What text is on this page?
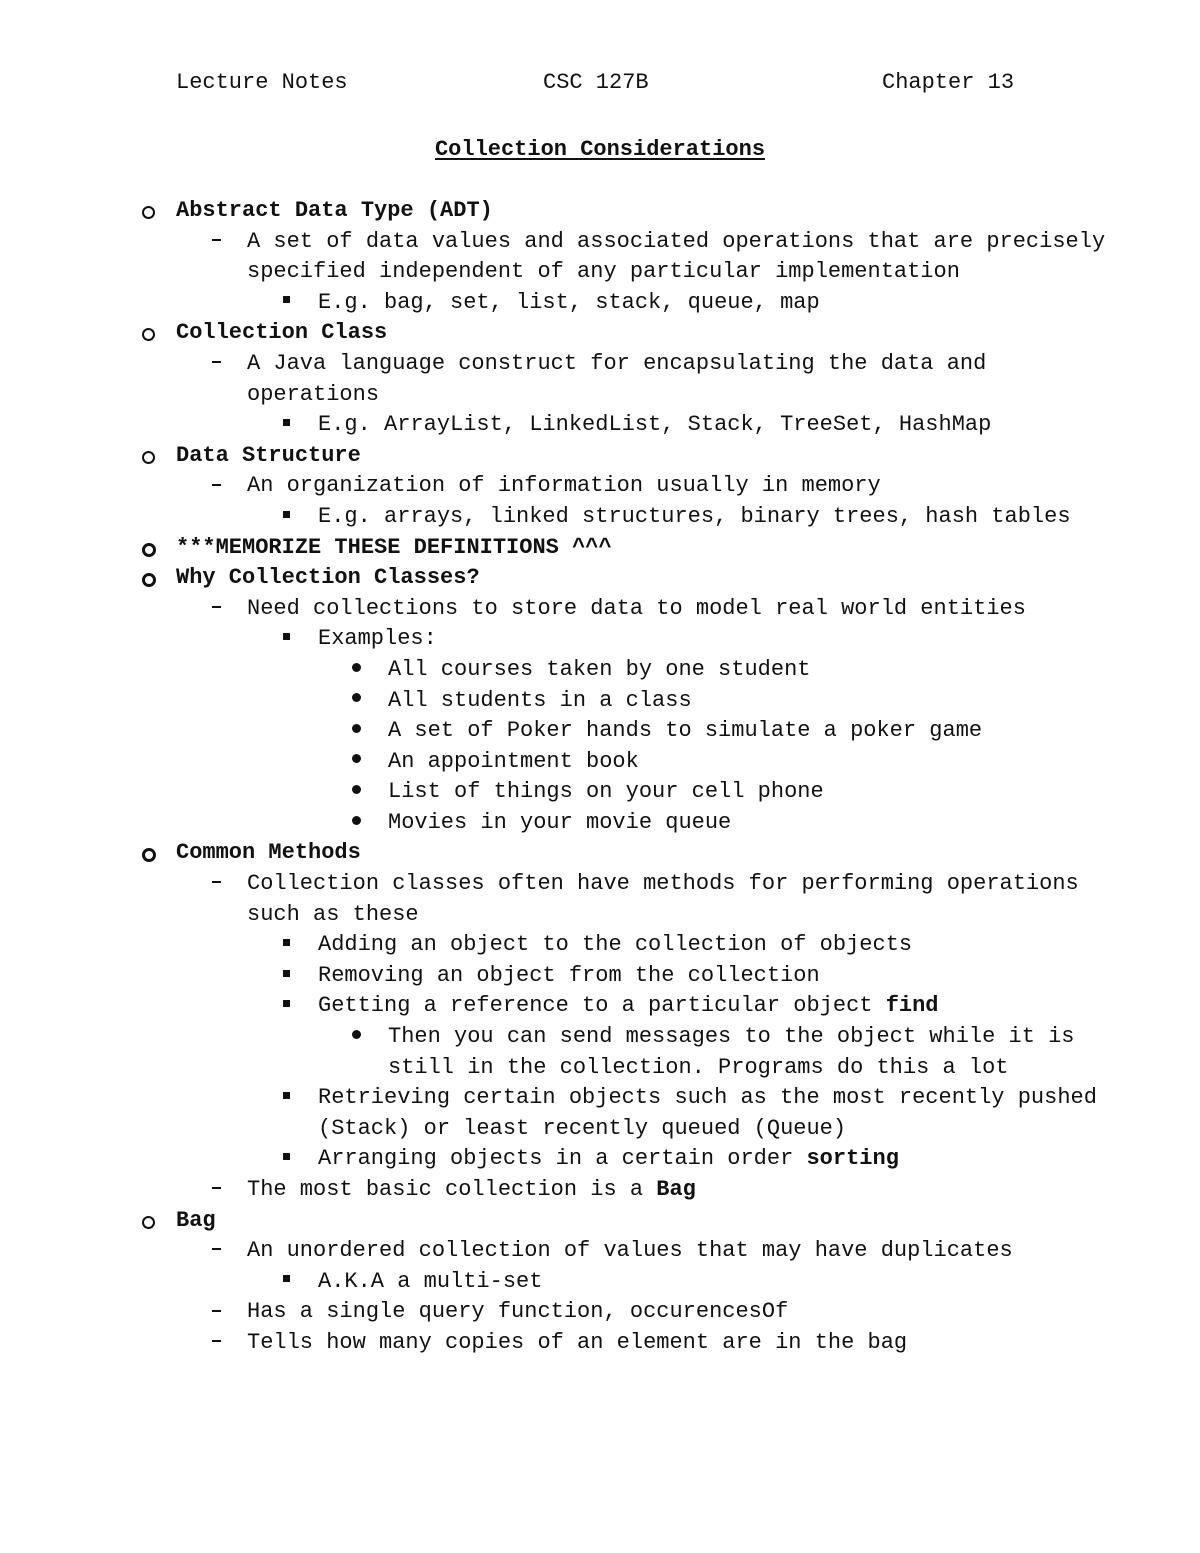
Lecture Notes	CSC 127B	Chapter 13
Collection Considerations
Abstract Data Type (ADT)
A set of data values and associated operations that are precisely specified independent of any particular implementation
E.g. bag, set, list, stack, queue, map
Collection Class
A Java language construct for encapsulating the data and operations
E.g. ArrayList, LinkedList, Stack, TreeSet, HashMap
Data Structure
An organization of information usually in memory
E.g. arrays, linked structures, binary trees, hash tables
***MEMORIZE THESE DEFINITIONS ^^^
Why Collection Classes?
Need collections to store data to model real world entities
Examples:
All courses taken by one student
All students in a class
A set of Poker hands to simulate a poker game
An appointment book
List of things on your cell phone
Movies in your movie queue
Common Methods
Collection classes often have methods for performing operations such as these
Adding an object to the collection of objects
Removing an object from the collection
Getting a reference to a particular object find
Then you can send messages to the object while it is still in the collection. Programs do this a lot
Retrieving certain objects such as the most recently pushed (Stack) or least recently queued (Queue)
Arranging objects in a certain order sorting
The most basic collection is a Bag
Bag
An unordered collection of values that may have duplicates
A.K.A a multi-set
Has a single query function, occurencesOf
Tells how many copies of an element are in the bag
